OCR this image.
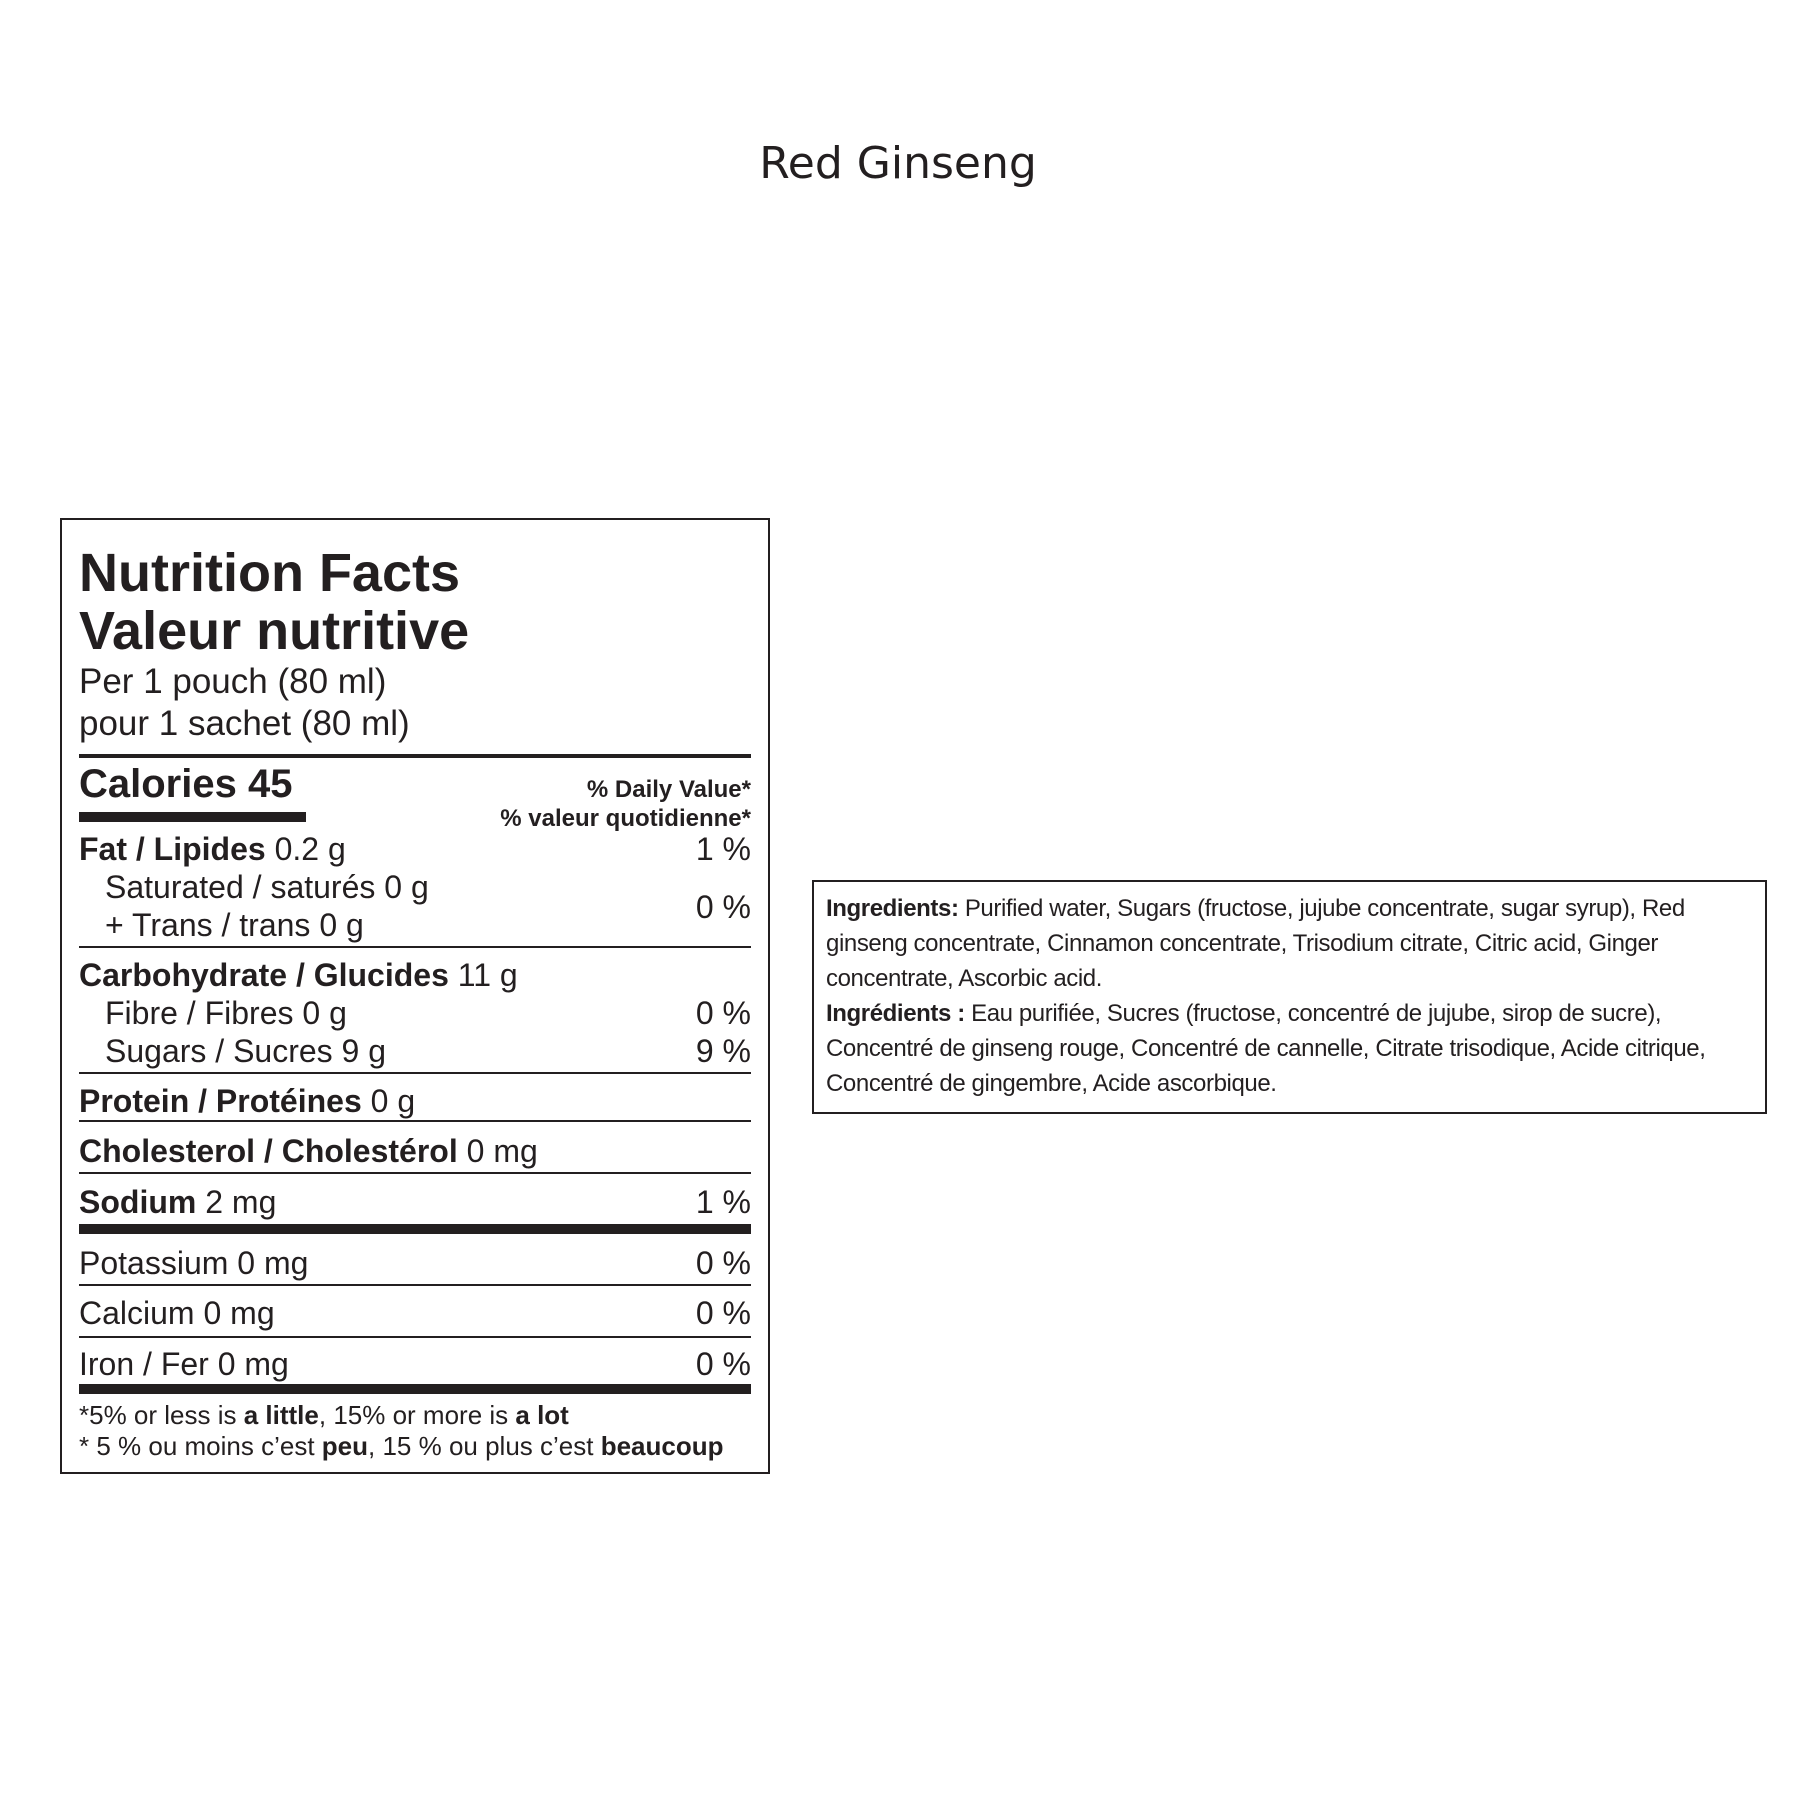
Red Ginseng
Nutrition Facts
Valeur nutritive
Per 1 pouch (80 ml)
pour 1 sachet (80 ml)
Calories 45	% Daily Value*
% valeur quotidienne*
Fat / Lipides 0.2 g	1 %
Saturated / saturés 0 g
+ Trans / trans 0 g	0 %
Carbohydrate / Glucides 11 g
Fibre / Fibres 0 g	0 %
Sugars / Sucres 9 g	9 %
Protein / Protéines 0 g
Cholesterol / Cholestérol 0 mg
Sodium 2 mg	1 %
Potassium 0 mg	0 %
Calcium 0 mg	0 %
Iron / Fer 0 mg	0 %
*5% or less is a little, 15% or more is a lot
* 5 % ou moins c’est peu, 15 % ou plus c’est beaucoup

Ingredients: Purified water, Sugars (fructose, jujube concentrate, sugar syrup), Red ginseng concentrate, Cinnamon concentrate, Trisodium citrate, Citric acid, Ginger concentrate, Ascorbic acid.

Ingrédients : Eau purifiée, Sucres (fructose, concentré de jujube, sirop de sucre), Concentré de ginseng rouge, Concentré de cannelle, Citrate trisodique, Acide citrique, Concentré de gingembre, Acide ascorbique.
